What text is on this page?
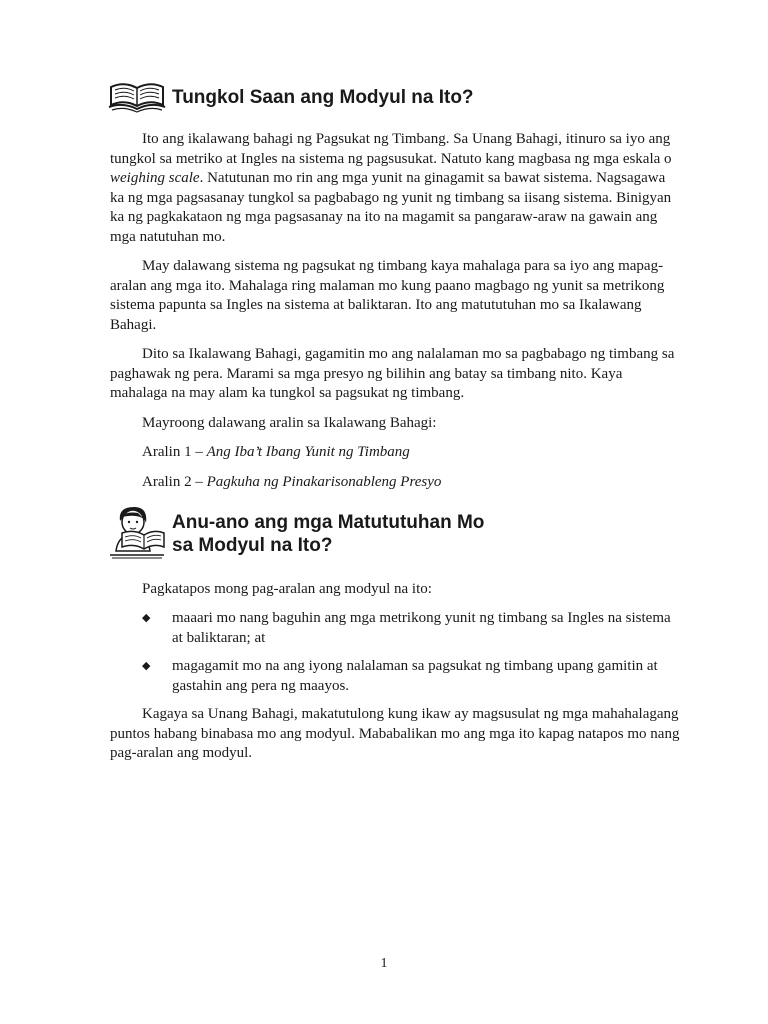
Tungkol Saan ang Modyul na Ito?

Ito ang ikalawang bahagi ng Pagsukat ng Timbang. Sa Unang Bahagi, itinuro sa iyo ang tungkol sa metriko at Ingles na sistema ng pagsusukat. Natuto kang magbasa ng mga eskala o weighing scale. Natutunan mo rin ang mga yunit na ginagamit sa bawat sistema. Nagsagawa ka ng mga pagsasanay tungkol sa pagbabago ng yunit ng timbang sa iisang sistema. Binigyan ka ng pagkakataon ng mga pagsasanay na ito na magamit sa pangaraw-araw na gawain ang mga natutuhan mo.

May dalawang sistema ng pagsukat ng timbang kaya mahalaga para sa iyo ang mapag-aralan ang mga ito. Mahalaga ring malaman mo kung paano magbago ng yunit sa metrikong sistema papunta sa Ingles na sistema at baliktaran. Ito ang matututuhan mo sa Ikalawang Bahagi.

Dito sa Ikalawang Bahagi, gagamitin mo ang nalalaman mo sa pagbabago ng timbang sa paghawak ng pera. Marami sa mga presyo ng bilihin ang batay sa timbang nito. Kaya mahalaga na may alam ka tungkol sa pagsukat ng timbang.

Mayroong dalawang aralin sa Ikalawang Bahagi:

Aralin 1 – Ang Iba’t Ibang Yunit ng Timbang

Aralin 2 – Pagkuha ng Pinakarisonableng Presyo

Anu-ano ang mga Matututuhan Mo
sa Modyul na Ito?

Pagkatapos mong pag-aralan ang modyul na ito:

◆	maaari mo nang baguhin ang mga metrikong yunit ng timbang sa Ingles na sistema at baliktaran; at
◆	magagamit mo na ang iyong nalalaman sa pagsukat ng timbang upang gamitin at gastahin ang pera ng maayos.

Kagaya sa Unang Bahagi, makatutulong kung ikaw ay magsusulat ng mga mahahalagang puntos habang binabasa mo ang modyul. Mababalikan mo ang mga ito kapag natapos mo nang pag-aralan ang modyul.

1
